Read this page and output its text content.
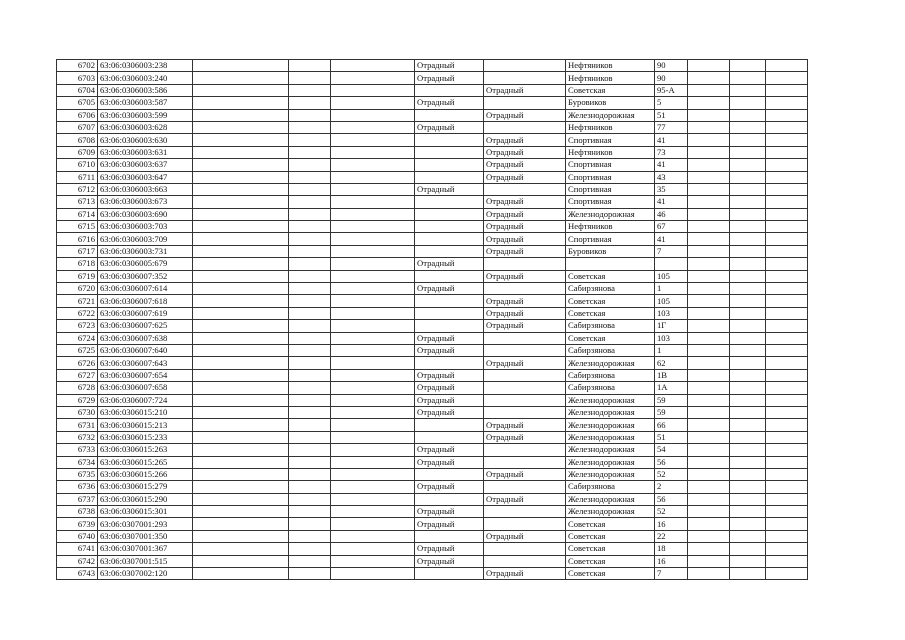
6702	63:06:0306003:238				Отрадный		Нефтяников	90			
6703	63:06:0306003:240				Отрадный		Нефтяников	90			
6704	63:06:0306003:586					Отрадный	Советская	95-А			
6705	63:06:0306003:587				Отрадный		Буровиков	5			
6706	63:06:0306003:599					Отрадный	Железнодорожная	51			
6707	63:06:0306003:628				Отрадный		Нефтяников	77			
6708	63:06:0306003:630					Отрадный	Спортивная	41			
6709	63:06:0306003:631					Отрадный	Нефтяников	73			
6710	63:06:0306003:637					Отрадный	Спортивная	41			
6711	63:06:0306003:647					Отрадный	Спортивная	43			
6712	63:06:0306003:663				Отрадный		Спортивная	35			
6713	63:06:0306003:673					Отрадный	Спортивная	41			
6714	63:06:0306003:690					Отрадный	Железнодорожная	46			
6715	63:06:0306003:703					Отрадный	Нефтяников	67			
6716	63:06:0306003:709					Отрадный	Спортивная	41			
6717	63:06:0306003:731					Отрадный	Буровиков	7			
6718	63:06:0306005:679				Отрадный						
6719	63:06:0306007:352					Отрадный	Советская	105			
6720	63:06:0306007:614				Отрадный		Сабирзянова	1			
6721	63:06:0306007:618					Отрадный	Советская	105			
6722	63:06:0306007:619					Отрадный	Советская	103			
6723	63:06:0306007:625					Отрадный	Сабирзянова	1Г			
6724	63:06:0306007:638				Отрадный		Советская	103			
6725	63:06:0306007:640				Отрадный		Сабирзянова	1			
6726	63:06:0306007:643					Отрадный	Железнодорожная	62			
6727	63:06:0306007:654				Отрадный		Сабирзянова	1В			
6728	63:06:0306007:658				Отрадный		Сабирзянова	1А			
6729	63:06:0306007:724				Отрадный		Железнодорожная	59			
6730	63:06:0306015:210				Отрадный		Железнодорожная	59			
6731	63:06:0306015:213					Отрадный	Железнодорожная	66			
6732	63:06:0306015:233					Отрадный	Железнодорожная	51			
6733	63:06:0306015:263				Отрадный		Железнодорожная	54			
6734	63:06:0306015:265				Отрадный		Железнодорожная	56			
6735	63:06:0306015:266					Отрадный	Железнодорожная	52			
6736	63:06:0306015:279				Отрадный		Сабирзянова	2			
6737	63:06:0306015:290					Отрадный	Железнодорожная	56			
6738	63:06:0306015:301				Отрадный		Железнодорожная	52			
6739	63:06:0307001:293				Отрадный		Советская	16			
6740	63:06:0307001:350					Отрадный	Советская	22			
6741	63:06:0307001:367				Отрадный		Советская	18			
6742	63:06:0307001:515				Отрадный		Советская	16			
6743	63:06:0307002:120					Отрадный	Советская	7			
